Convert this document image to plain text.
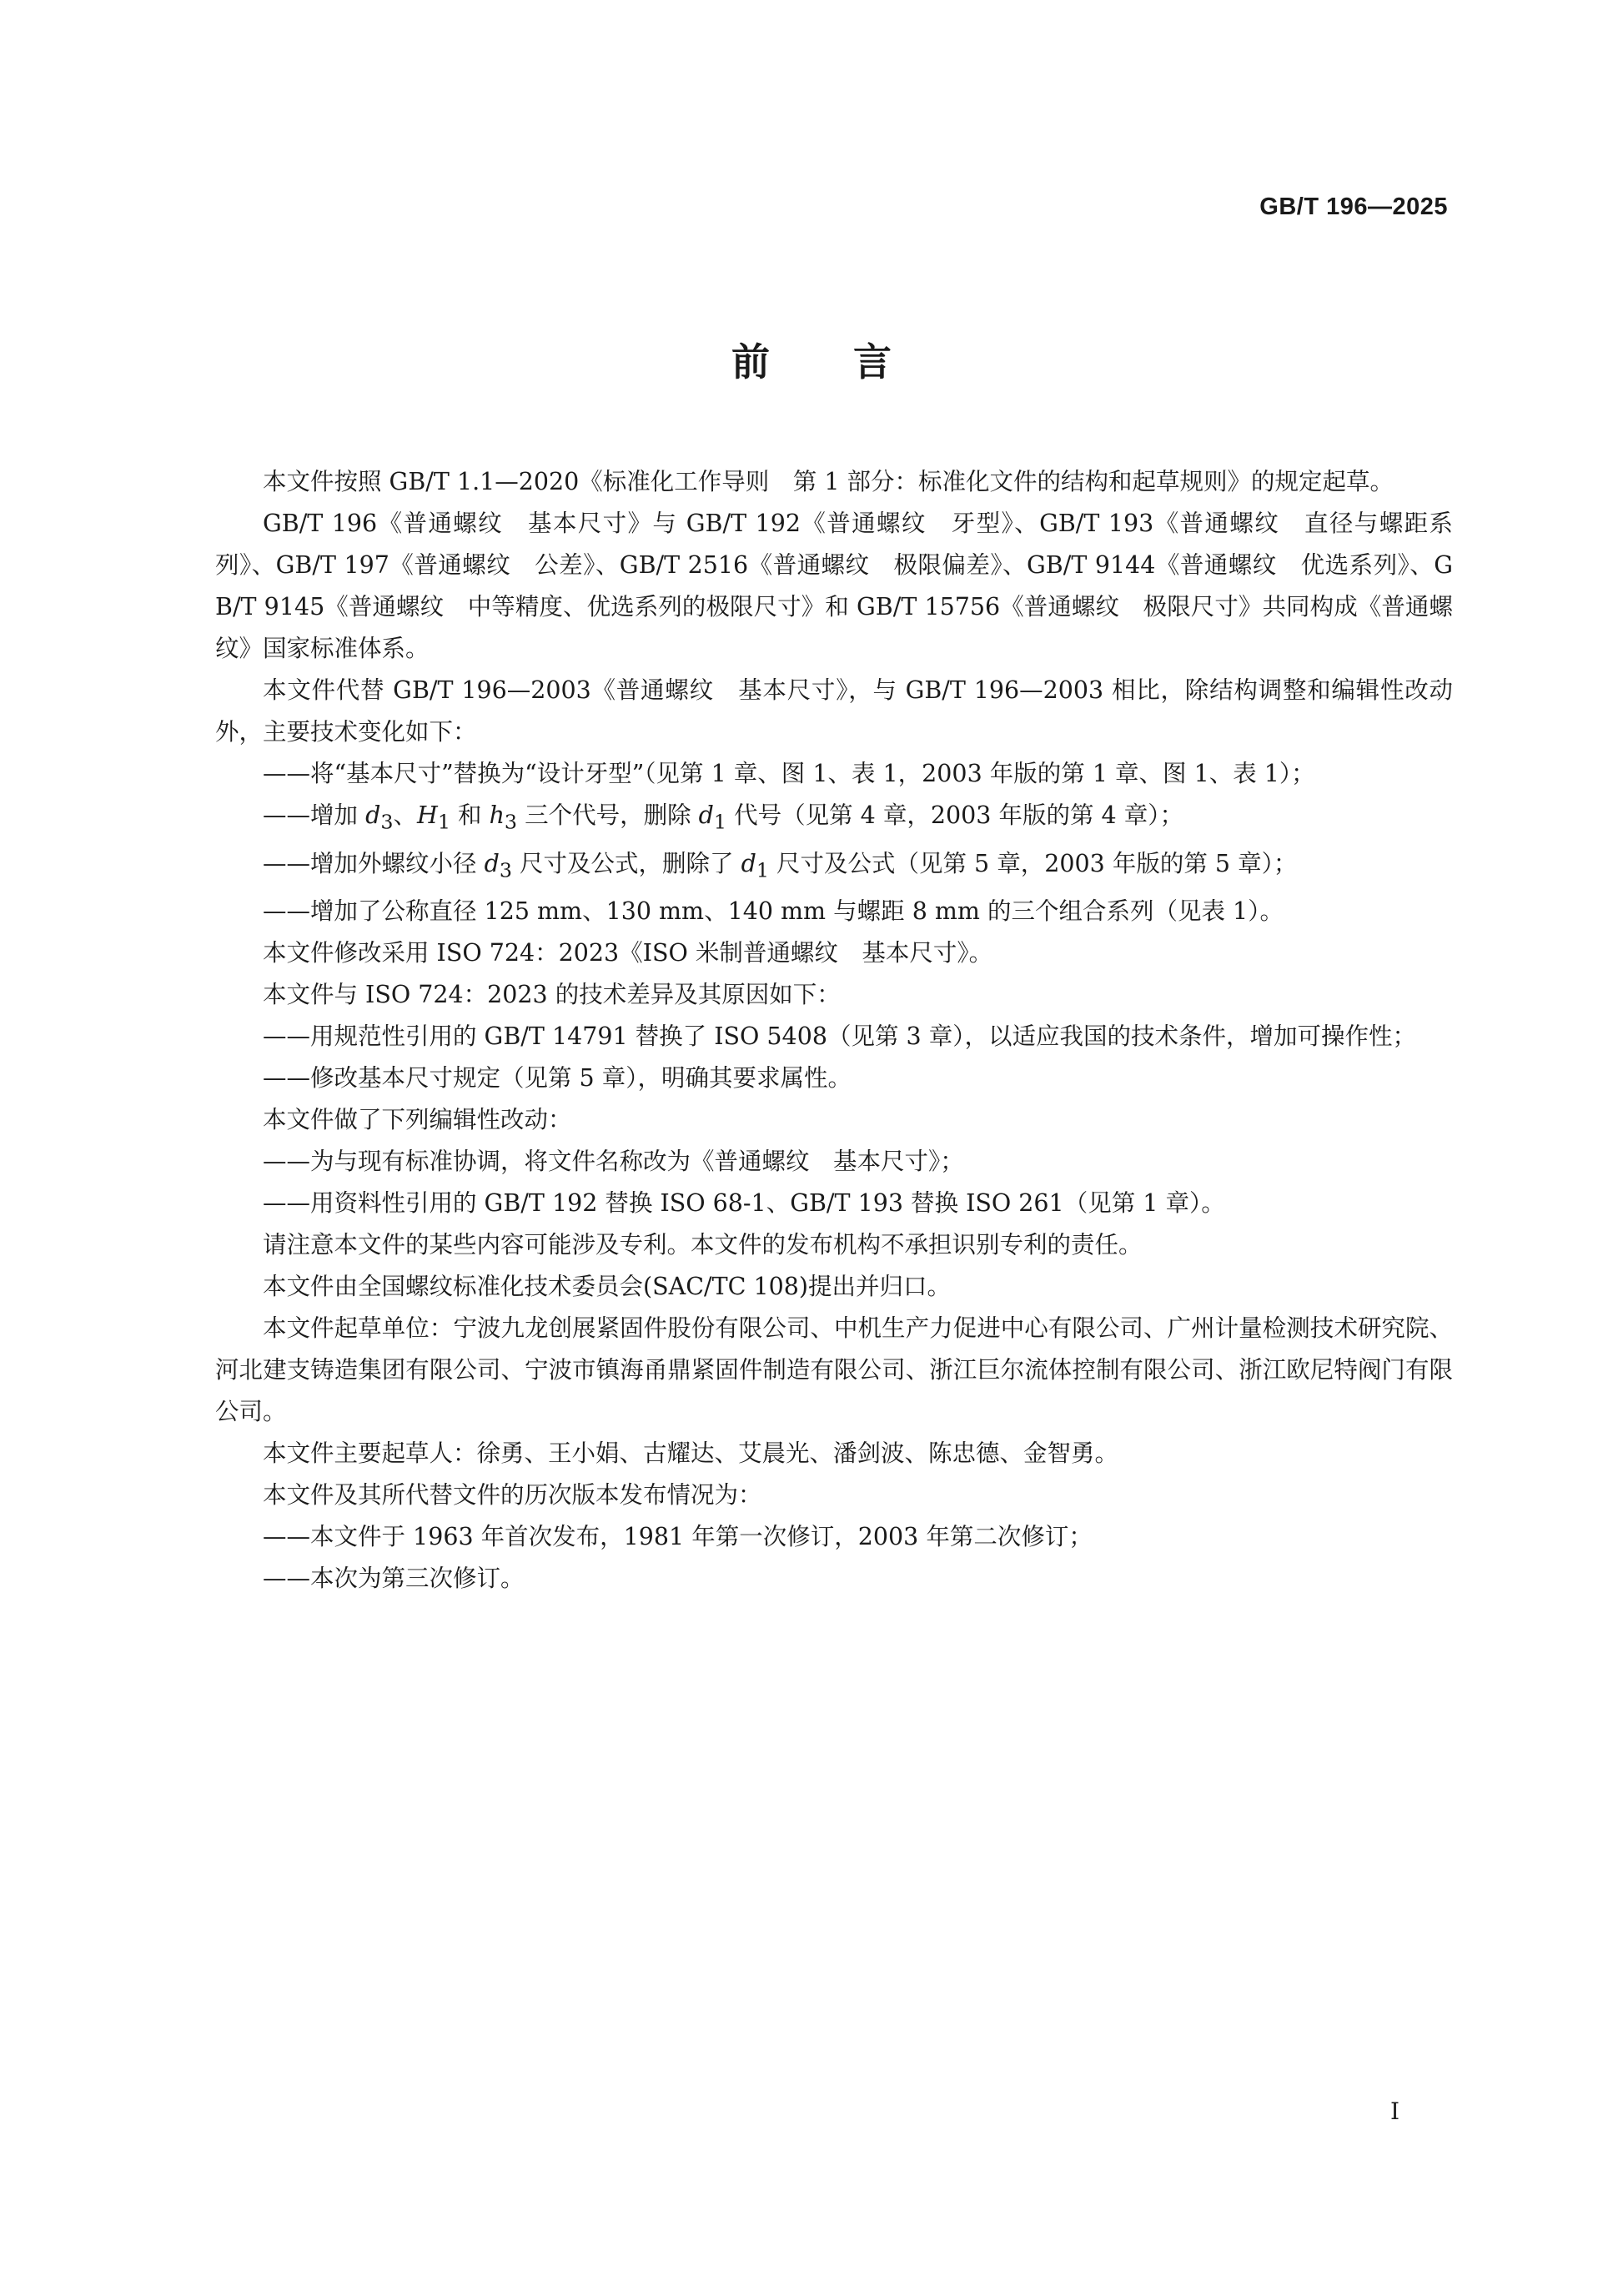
GB/T 196—2025
前言

本文件按照 GB/T 1.1—2020《标准化工作导则　第 1 部分：标准化文件的结构和起草规则》的规定起草。

GB/T 196《普通螺纹　基本尺寸》与 GB/T 192《普通螺纹　牙型》、GB/T 193《普通螺纹　直径与螺距系列》、GB/T 197《普通螺纹　公差》、GB/T 2516《普通螺纹　极限偏差》、GB/T 9144《普通螺纹　优选系列》、GB/T 9145《普通螺纹　中等精度、优选系列的极限尺寸》和 GB/T 15756《普通螺纹　极限尺寸》共同构成《普通螺纹》国家标准体系。

本文件代替 GB/T 196—2003《普通螺纹　基本尺寸》，与 GB/T 196—2003 相比，除结构调整和编辑性改动外，主要技术变化如下：

——将“基本尺寸”替换为“设计牙型”（见第 1 章、图 1、表 1，2003 年版的第 1 章、图 1、表 1）；

——增加 $d_3$、$H_1$ 和 $h_3$ 三个代号，删除 $d_1$ 代号（见第 4 章，2003 年版的第 4 章）；

——增加外螺纹小径 $d_3$ 尺寸及公式，删除了 $d_1$ 尺寸及公式（见第 5 章，2003 年版的第 5 章）；

——增加了公称直径 125 mm、130 mm、140 mm 与螺距 8 mm 的三个组合系列（见表 1）。

本文件修改采用 ISO 724：2023《ISO 米制普通螺纹　基本尺寸》。

本文件与 ISO 724：2023 的技术差异及其原因如下：

——用规范性引用的 GB/T 14791 替换了 ISO 5408（见第 3 章），以适应我国的技术条件，增加可操作性；

——修改基本尺寸规定（见第 5 章），明确其要求属性。

本文件做了下列编辑性改动：

——为与现有标准协调，将文件名称改为《普通螺纹　基本尺寸》；

——用资料性引用的 GB/T 192 替换 ISO 68-1、GB/T 193 替换 ISO 261（见第 1 章）。

请注意本文件的某些内容可能涉及专利。本文件的发布机构不承担识别专利的责任。

本文件由全国螺纹标准化技术委员会(SAC/TC 108)提出并归口。

本文件起草单位：宁波九龙创展紧固件股份有限公司、中机生产力促进中心有限公司、广州计量检测技术研究院、河北建支铸造集团有限公司、宁波市镇海甬鼎紧固件制造有限公司、浙江巨尔流体控制有限公司、浙江欧尼特阀门有限公司。

本文件主要起草人：徐勇、王小娟、古耀达、艾晨光、潘剑波、陈忠德、金智勇。

本文件及其所代替文件的历次版本发布情况为：

——本文件于 1963 年首次发布，1981 年第一次修订，2003 年第二次修订；

——本次为第三次修订。

I
